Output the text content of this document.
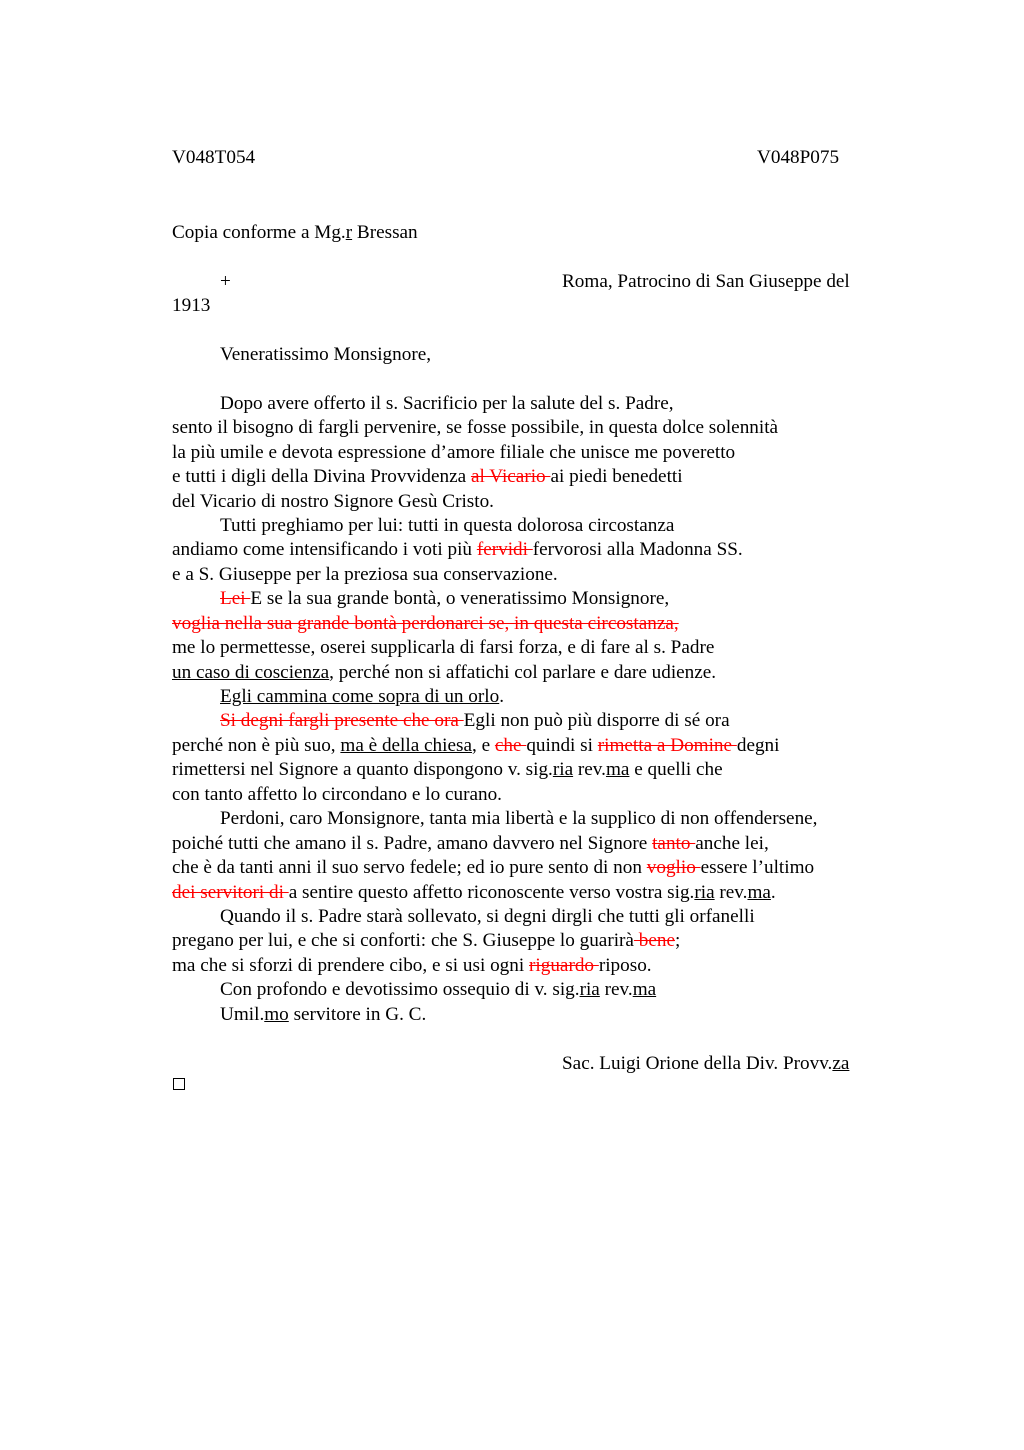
V048T054	V048P075
Copia conforme a Mg.r Bressan
+	Roma, Patrocino di San Giuseppe del
1913
Veneratissimo Monsignore,
Dopo avere offerto il s. Sacrificio per la salute del s. Padre,
sento il bisogno di fargli pervenire, se fosse possibile, in questa dolce solennità
la più umile e devota espressione d’amore filiale che unisce me poveretto
e tutti i digli della Divina Provvidenza al Vicario ai piedi benedetti
del Vicario di nostro Signore Gesù Cristo.
Tutti preghiamo per lui: tutti in questa dolorosa circostanza
andiamo come intensificando i voti più fervidi fervorosi alla Madonna SS.
e a S. Giuseppe per la preziosa sua conservazione.
Lei E se la sua grande bontà, o veneratissimo Monsignore,
voglia nella sua grande bontà perdonarci se, in questa circostanza,
me lo permettesse, oserei supplicarla di farsi forza, e di fare al s. Padre
un caso di coscienza, perché non si affatichi col parlare e dare udienze.
Egli cammina come sopra di un orlo.
Si degni fargli presente che ora Egli non può più disporre di sé ora
perché non è più suo, ma è della chiesa, e che quindi si rimetta a Domine degni
rimettersi nel Signore a quanto dispongono v. sig.ria rev.ma e quelli che
con tanto affetto lo circondano e lo curano.
Perdoni, caro Monsignore, tanta mia libertà e la supplico di non offendersene,
poiché tutti che amano il s. Padre, amano davvero nel Signore tanto anche lei,
che è da tanti anni il suo servo fedele; ed io pure sento di non voglio essere l’ultimo
dei servitori di a sentire questo affetto riconoscente verso vostra sig.ria rev.ma.
Quando il s. Padre starà sollevato, si degni dirgli che tutti gli orfanelli
pregano per lui, e che si conforti: che S. Giuseppe lo guarirà bene;
ma che si sforzi di prendere cibo, e si usi ogni riguardo riposo.
Con profondo e devotissimo ossequio di v. sig.ria rev.ma
Umil.mo servitore in G. C.
Sac. Luigi Orione della Div. Provv.za
